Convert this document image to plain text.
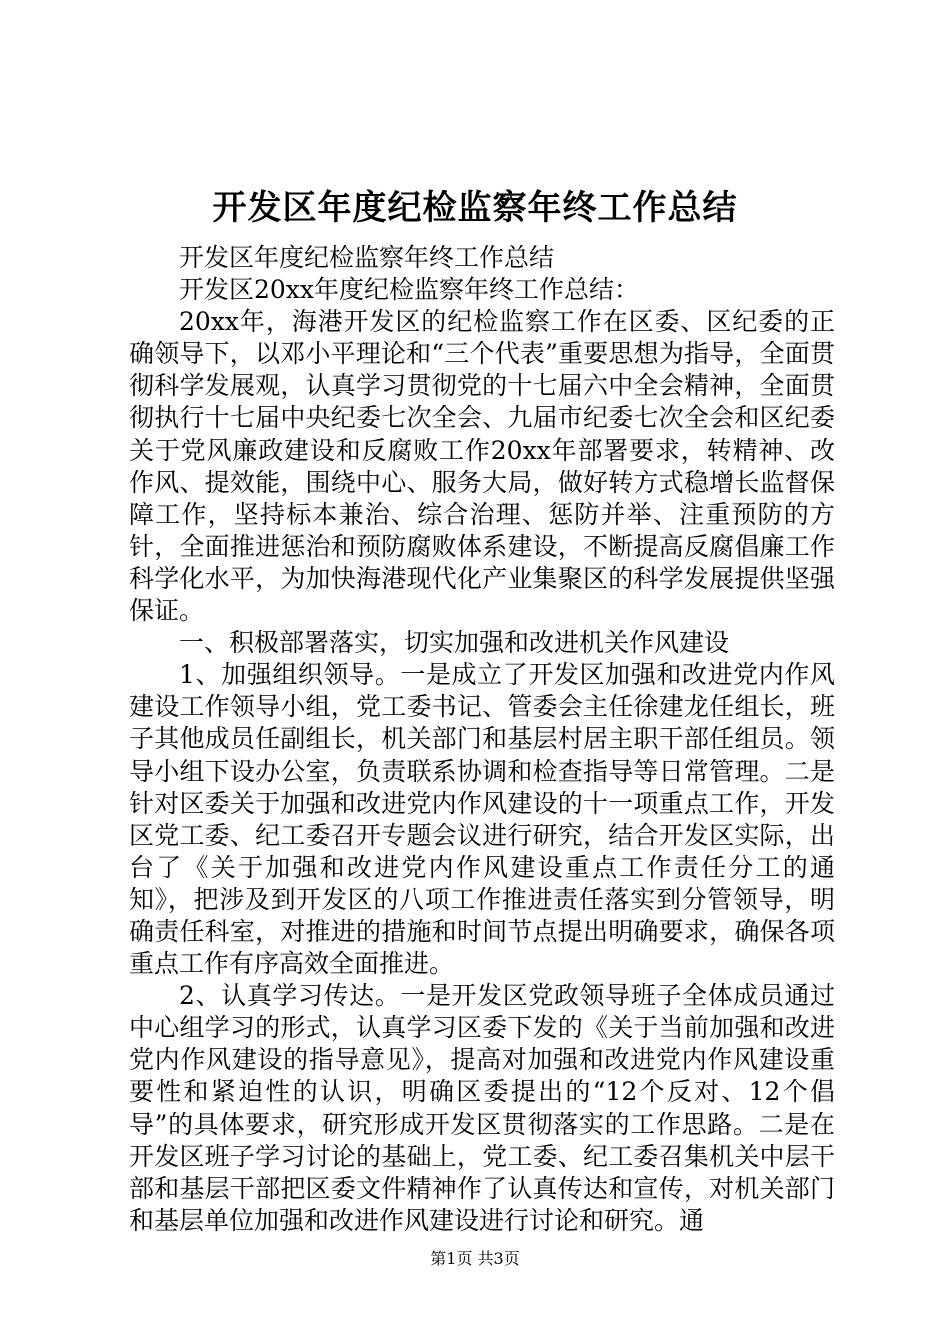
开发区年度纪检监察年终工作总结

开发区年度纪检监察年终工作总结

开发区20xx年度纪检监察年终工作总结：

20xx年，海港开发区的纪检监察工作在区委、区纪委的正确领导下，以邓小平理论和“三个代表”重要思想为指导，全面贯彻科学发展观，认真学习贯彻党的十七届六中全会精神，全面贯彻执行十七届中央纪委七次全会、九届市纪委七次全会和区纪委关于党风廉政建设和反腐败工作20xx年部署要求，转精神、改作风、提效能，围绕中心、服务大局，做好转方式稳增长监督保障工作，坚持标本兼治、综合治理、惩防并举、注重预防的方针，全面推进惩治和预防腐败体系建设，不断提高反腐倡廉工作科学化水平，为加快海港现代化产业集聚区的科学发展提供坚强保证。

一、积极部署落实，切实加强和改进机关作风建设

1、加强组织领导。一是成立了开发区加强和改进党内作风建设工作领导小组，党工委书记、管委会主任徐建龙任组长，班子其他成员任副组长，机关部门和基层村居主职干部任组员。领导小组下设办公室，负责联系协调和检查指导等日常管理。二是针对区委关于加强和改进党内作风建设的十一项重点工作，开发区党工委、纪工委召开专题会议进行研究，结合开发区实际，出台了《关于加强和改进党内作风建设重点工作责任分工的通知》，把涉及到开发区的八项工作推进责任落实到分管领导，明确责任科室，对推进的措施和时间节点提出明确要求，确保各项重点工作有序高效全面推进。

2、认真学习传达。一是开发区党政领导班子全体成员通过中心组学习的形式，认真学习区委下发的《关于当前加强和改进党内作风建设的指导意见》，提高对加强和改进党内作风建设重要性和紧迫性的认识，明确区委提出的“12个反对、12个倡导”的具体要求，研究形成开发区贯彻落实的工作思路。二是在开发区班子学习讨论的基础上，党工委、纪工委召集机关中层干部和基层干部把区委文件精神作了认真传达和宣传，对机关部门和基层单位加强和改进作风建设进行讨论和研究。通

第1页 共3页
